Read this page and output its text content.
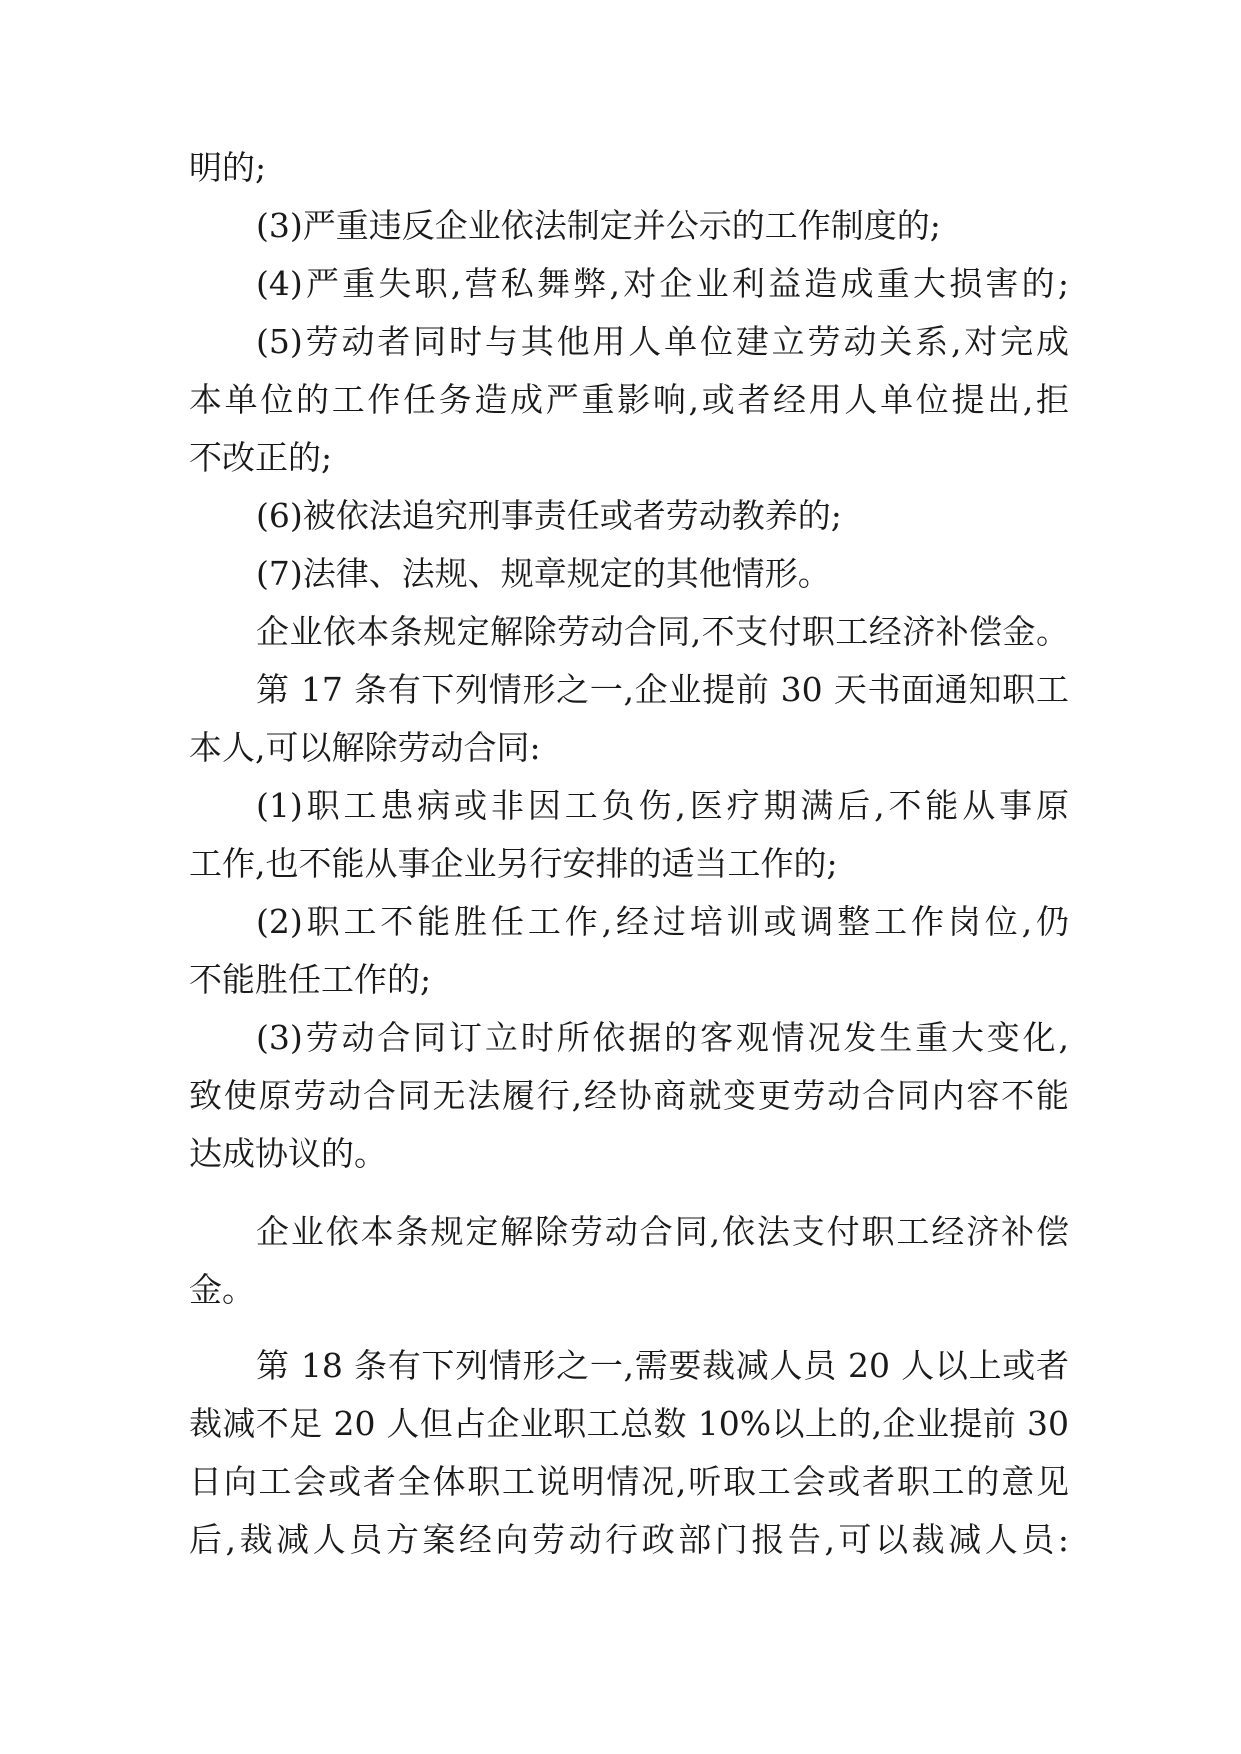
明的;
(3)严重违反企业依法制定并公示的工作制度的;
(4)严重失职,营私舞弊,对企业利益造成重大损害的;
(5)劳动者同时与其他用人单位建立劳动关系,对完成
本单位的工作任务造成严重影响,或者经用人单位提出,拒
不改正的;
(6)被依法追究刑事责任或者劳动教养的;
(7)法律、法规、规章规定的其他情形。
企业依本条规定解除劳动合同,不支付职工经济补偿金。
第 17 条有下列情形之一,企业提前 30 天书面通知职工
本人,可以解除劳动合同:
(1)职工患病或非因工负伤,医疗期满后,不能从事原
工作,也不能从事企业另行安排的适当工作的;
(2)职工不能胜任工作,经过培训或调整工作岗位,仍
不能胜任工作的;
(3)劳动合同订立时所依据的客观情况发生重大变化,
致使原劳动合同无法履行,经协商就变更劳动合同内容不能
达成协议的。
企业依本条规定解除劳动合同,依法支付职工经济补偿
金。
第 18 条有下列情形之一,需要裁减人员 20 人以上或者
裁减不足 20 人但占企业职工总数 10%以上的,企业提前 30
日向工会或者全体职工说明情况,听取工会或者职工的意见
后,裁减人员方案经向劳动行政部门报告,可以裁减人员:
